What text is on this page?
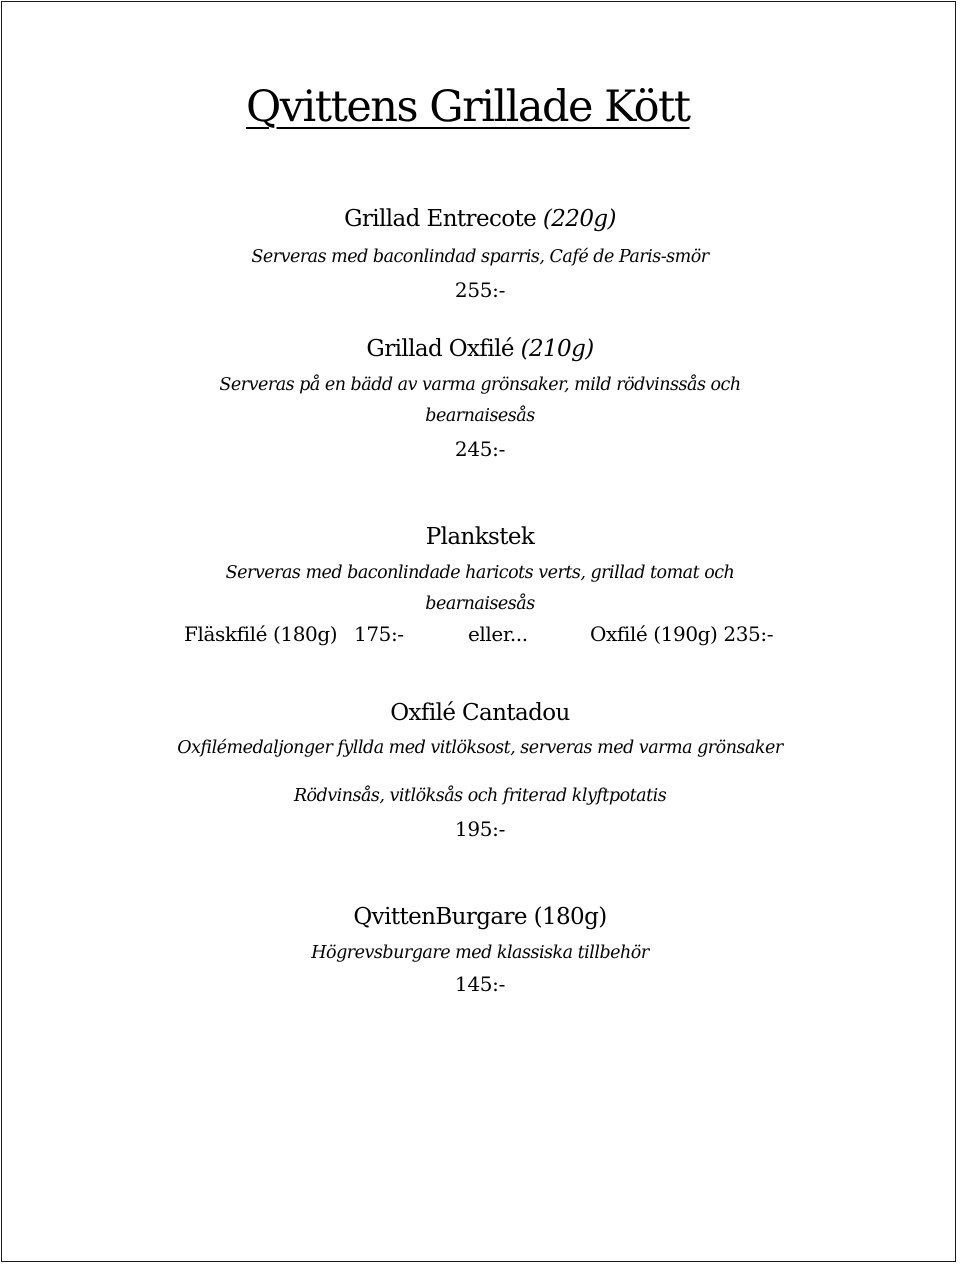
Qvittens Grillade Kött
Grillad Entrecote (220g)
Serveras med baconlindad sparris, Café de Paris-smör
255:-
Grillad Oxfilé (210g)
Serveras på en bädd av varma grönsaker, mild rödvinssås och
bearnaisesås
245:-
Plankstek
Serveras med baconlindade haricots verts, grillad tomat och
bearnaisesås
Fläskfilé (180g) 175:-	eller...	Oxfilé (190g) 235:-
Oxfilé Cantadou
Oxfilémedaljonger fyllda med vitlöksost, serveras med varma grönsaker
Rödvinsås, vitlöksås och friterad klyftpotatis
195:-
QvittenBurgare (180g)
Högrevsburgare med klassiska tillbehör
145:-
